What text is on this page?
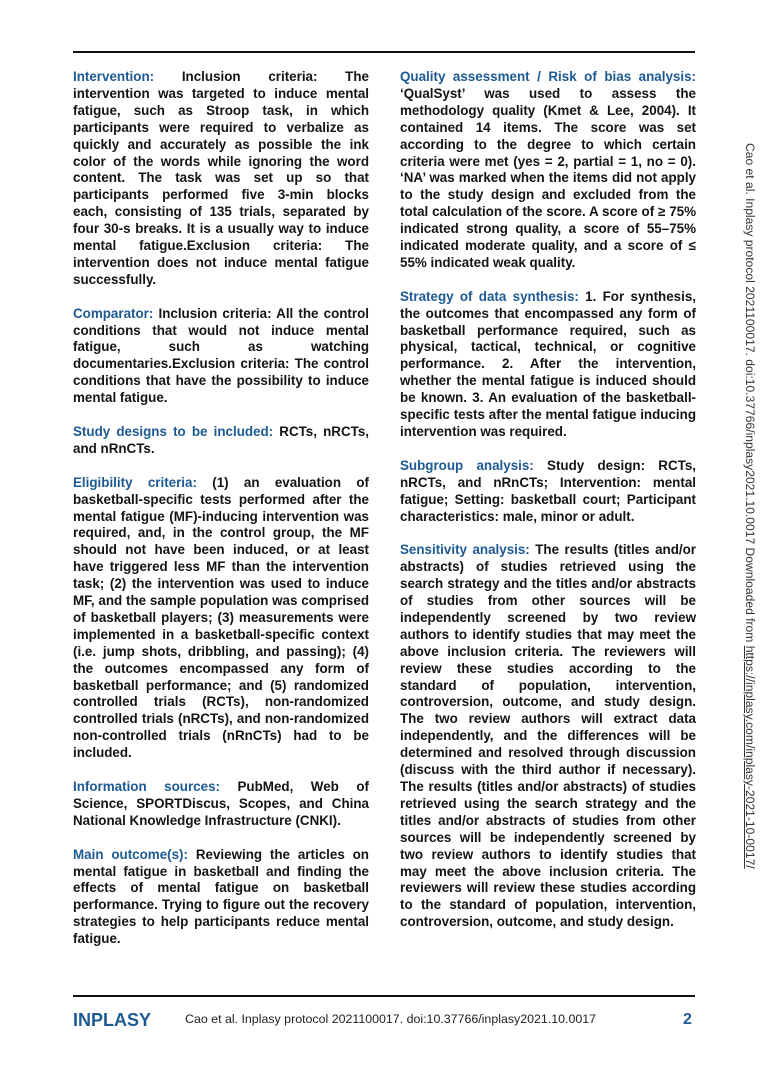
Intervention: Inclusion criteria: The intervention was targeted to induce mental fatigue, such as Stroop task, in which participants were required to verbalize as quickly and accurately as possible the ink color of the words while ignoring the word content. The task was set up so that participants performed five 3-min blocks each, consisting of 135 trials, separated by four 30-s breaks. It is a usually way to induce mental fatigue.Exclusion criteria: The intervention does not induce mental fatigue successfully.

Comparator: Inclusion criteria: All the control conditions that would not induce mental fatigue, such as watching documentaries.Exclusion criteria: The control conditions that have the possibility to induce mental fatigue.

Study designs to be included: RCTs, nRCTs, and nRnCTs.

Eligibility criteria: (1) an evaluation of basketball-specific tests performed after the mental fatigue (MF)-inducing intervention was required, and, in the control group, the MF should not have been induced, or at least have triggered less MF than the intervention task; (2) the intervention was used to induce MF, and the sample population was comprised of basketball players; (3) measurements were implemented in a basketball-specific context (i.e. jump shots, dribbling, and passing); (4) the outcomes encompassed any form of basketball performance; and (5) randomized controlled trials (RCTs), non-randomized controlled trials (nRCTs), and non-randomized non-controlled trials (nRnCTs) had to be included.

Information sources: PubMed, Web of Science, SPORTDiscus, Scopes, and China National Knowledge Infrastructure (CNKI).

Main outcome(s): Reviewing the articles on mental fatigue in basketball and finding the effects of mental fatigue on basketball performance. Trying to figure out the recovery strategies to help participants reduce mental fatigue.

Quality assessment / Risk of bias analysis: ‘QualSyst’ was used to assess the methodology quality (Kmet & Lee, 2004). It contained 14 items. The score was set according to the degree to which certain criteria were met (yes = 2, partial = 1, no = 0). ‘NA’ was marked when the items did not apply to the study design and excluded from the total calculation of the score. A score of ≥ 75% indicated strong quality, a score of 55–75% indicated moderate quality, and a score of ≤ 55% indicated weak quality.

Strategy of data synthesis: 1. For synthesis, the outcomes that encompassed any form of basketball performance required, such as physical, tactical, technical, or cognitive performance. 2. After the intervention, whether the mental fatigue is induced should be known. 3. An evaluation of the basketball-specific tests after the mental fatigue inducing intervention was required.

Subgroup analysis: Study design: RCTs, nRCTs, and nRnCTs; Intervention: mental fatigue; Setting: basketball court; Participant characteristics: male, minor or adult.

Sensitivity analysis: The results (titles and/or abstracts) of studies retrieved using the search strategy and the titles and/or abstracts of studies from other sources will be independently screened by two review authors to identify studies that may meet the above inclusion criteria. The reviewers will review these studies according to the standard of population, intervention, controversion, outcome, and study design. The two review authors will extract data independently, and the differences will be determined and resolved through discussion (discuss with the third author if necessary). The results (titles and/or abstracts) of studies retrieved using the search strategy and the titles and/or abstracts of studies from other sources will be independently screened by two review authors to identify studies that may meet the above inclusion criteria. The reviewers will review these studies according to the standard of population, intervention, controversion, outcome, and study design.

INPLASY	Cao et al. Inplasy protocol 2021100017. doi:10.37766/inplasy2021.10.0017	2
Cao et al. Inplasy protocol 2021100017. doi:10.37766/inplasy2021.10.0017 Downloaded from https://inplasy.com/inplasy-2021-10-0017/
